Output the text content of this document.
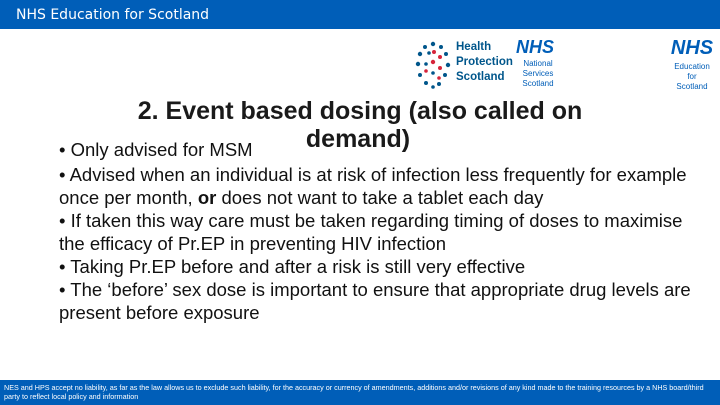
NHS Education for Scotland
Health
Protection
Scotland
NHS
National
Services
Scotland
NHS
Education
for
Scotland
2. Event based dosing (also called on
demand)

• Only advised for MSM

• Advised when an individual is at risk of infection less frequently for example once per month, or does not want to take a tablet each day

• If taken this way care must be taken regarding timing of doses to maximise the efficacy of Pr.EP in preventing HIV infection

• Taking Pr.EP before and after a risk is still very effective

• The ‘before’ sex dose is important to ensure that appropriate drug levels are present before exposure

NES and HPS accept no liability, as far as the law allows us to exclude such liability, for the accuracy or currency of amendments, additions and/or revisions of any kind made to the training resources by a NHS board/third party to reflect local policy and information
